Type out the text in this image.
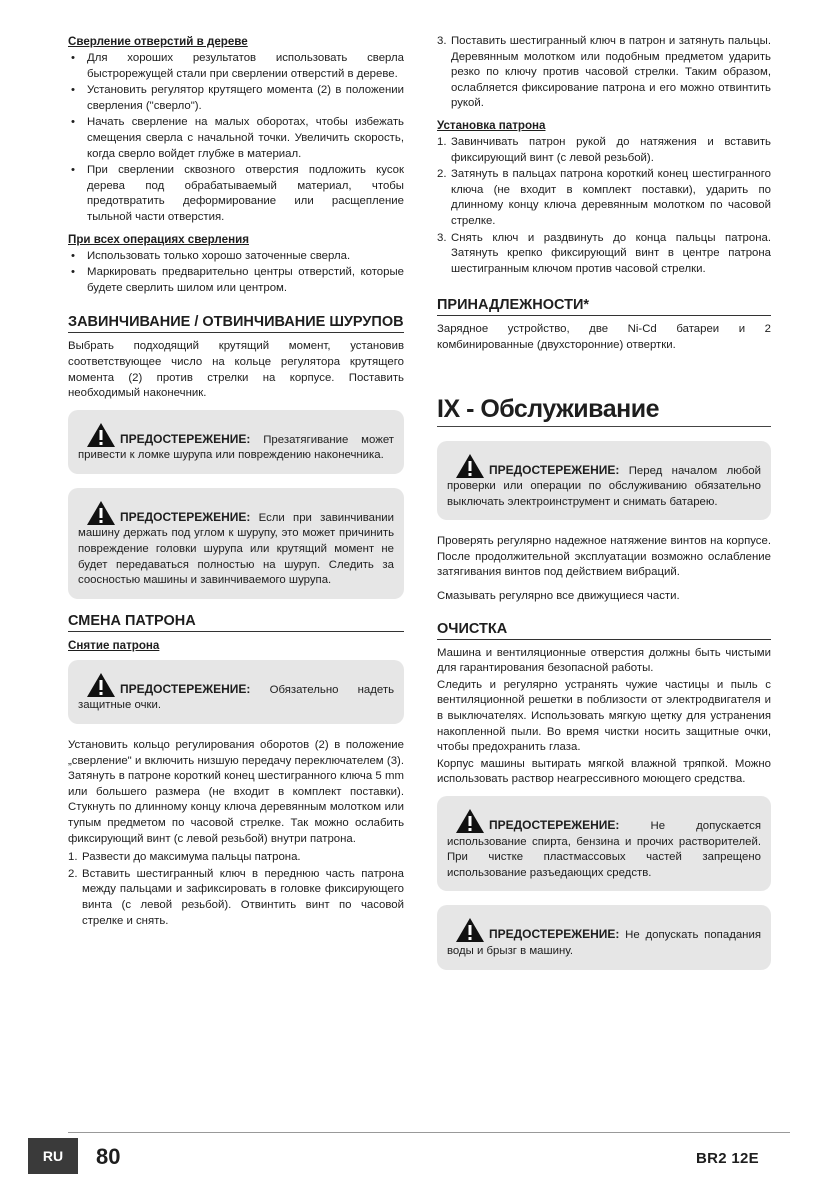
Сверление отверстий в дереве
• Для хороших результатов использовать сверла быстрорежущей стали при сверлении отверстий в дереве.
• Установить регулятор крутящего момента (2) в положении сверления ("сверло").
• Начать сверление на малых оборотах, чтобы избежать смещения сверла с начальной точки. Увеличить скорость, когда сверло войдет глубже в материал.
• При сверлении сквозного отверстия подложить кусок дерева под обрабатываемый материал, чтобы предотвратить деформирование или расщепление тыльной части отверстия.
При всех операциях сверления
• Использовать только хорошо заточенные сверла.
• Маркировать предварительно центры отверстий, которые будете сверлить шилом или центром.
ЗАВИНЧИВАНИЕ / ОТВИНЧИВАНИЕ ШУРУПОВ
Выбрать подходящий крутящий момент, установив соответствующее число на кольце регулятора крутящего момента (2) против стрелки на корпусе. Поставить необходимый наконечник.
ПРЕДОСТЕРЕЖЕНИЕ: Презатягивание может привести к ломке шурупа или повреждению наконечника.
ПРЕДОСТЕРЕЖЕНИЕ: Если при завинчивании машину держать под углом к шурупу, это может причинить повреждение головки шурупа или крутящий момент не будет передаваться полностью на шуруп. Следить за соосностью машины и завинчиваемого шурупа.
СМЕНА ПАТРОНА
Снятие патрона
ПРЕДОСТЕРЕЖЕНИЕ: Обязательно надеть защитные очки.
Установить кольцо регулирования оборотов (2) в положение „сверление" и включить низшую передачу переключателем (3). Затянуть в патроне короткий конец шестигранного ключа 5 mm или большего размера (не входит в комплект поставки). Стукнуть по длинному концу ключа деревянным молотком или тупым предметом по часовой стрелке. Так можно ослабить фиксирующий винт (с левой резьбой) внутри патрона.
1. Развести до максимума пальцы патрона.
2. Вставить шестигранный ключ в переднюю часть патрона между пальцами и зафиксировать в головке фиксирующего винта (с левой резьбой). Отвинтить винт по часовой стрелке и снять.
3. Поставить шестигранный ключ в патрон и затянуть пальцы. Деревянным молотком или подобным предметом ударить резко по ключу против часовой стрелки. Таким образом, ослабляется фиксирование патрона и его можно отвинтить рукой.
Установка патрона
1. Завинчивать патрон рукой до натяжения и вставить фиксирующий винт (с левой резьбой).
2. Затянуть в пальцах патрона короткий конец шестигранного ключа (не входит в комплект поставки), ударить по длинному концу ключа деревянным молотком по часовой стрелке.
3. Снять ключ и раздвинуть до конца пальцы патрона. Затянуть крепко фиксирующий винт в центре патрона шестигранным ключом против часовой стрелки.
ПРИНАДЛЕЖНОСТИ*
Зарядное устройство, две Ni-Cd батареи и 2 комбинированные (двухсторонние) отвертки.
IX - Обслуживание
ПРЕДОСТЕРЕЖЕНИЕ: Перед началом любой проверки или операции по обслуживанию обязательно выключать электроинструмент и снимать батарею.
Проверять регулярно надежное натяжение винтов на корпусе. После продолжительной эксплуатации возможно ослабление затягивания винтов под действием вибраций.
Смазывать регулярно все движущиеся части.
ОЧИСТКА
Машина и вентиляционные отверстия должны быть чистыми для гарантирования безопасной работы.
Следить и регулярно устранять чужие частицы и пыль с вентиляционной решетки в поблизости от электродвигателя и в выключателях. Использовать мягкую щетку для устранения накопленной пыли. Во время чистки носить защитные очки, чтобы предохранить глаза.
Корпус машины вытирать мягкой влажной тряпкой. Можно использовать раствор неагрессивного моющего средства.
ПРЕДОСТЕРЕЖЕНИЕ:	Не допускается использование спирта, бензина и прочих растворителей. При чистке пластмассовых частей запрещено использование разъедающих средств.
ПРЕДОСТЕРЕЖЕНИЕ: Не допускать попадания воды и брызг в машину.
RU	80	BR2 12E
